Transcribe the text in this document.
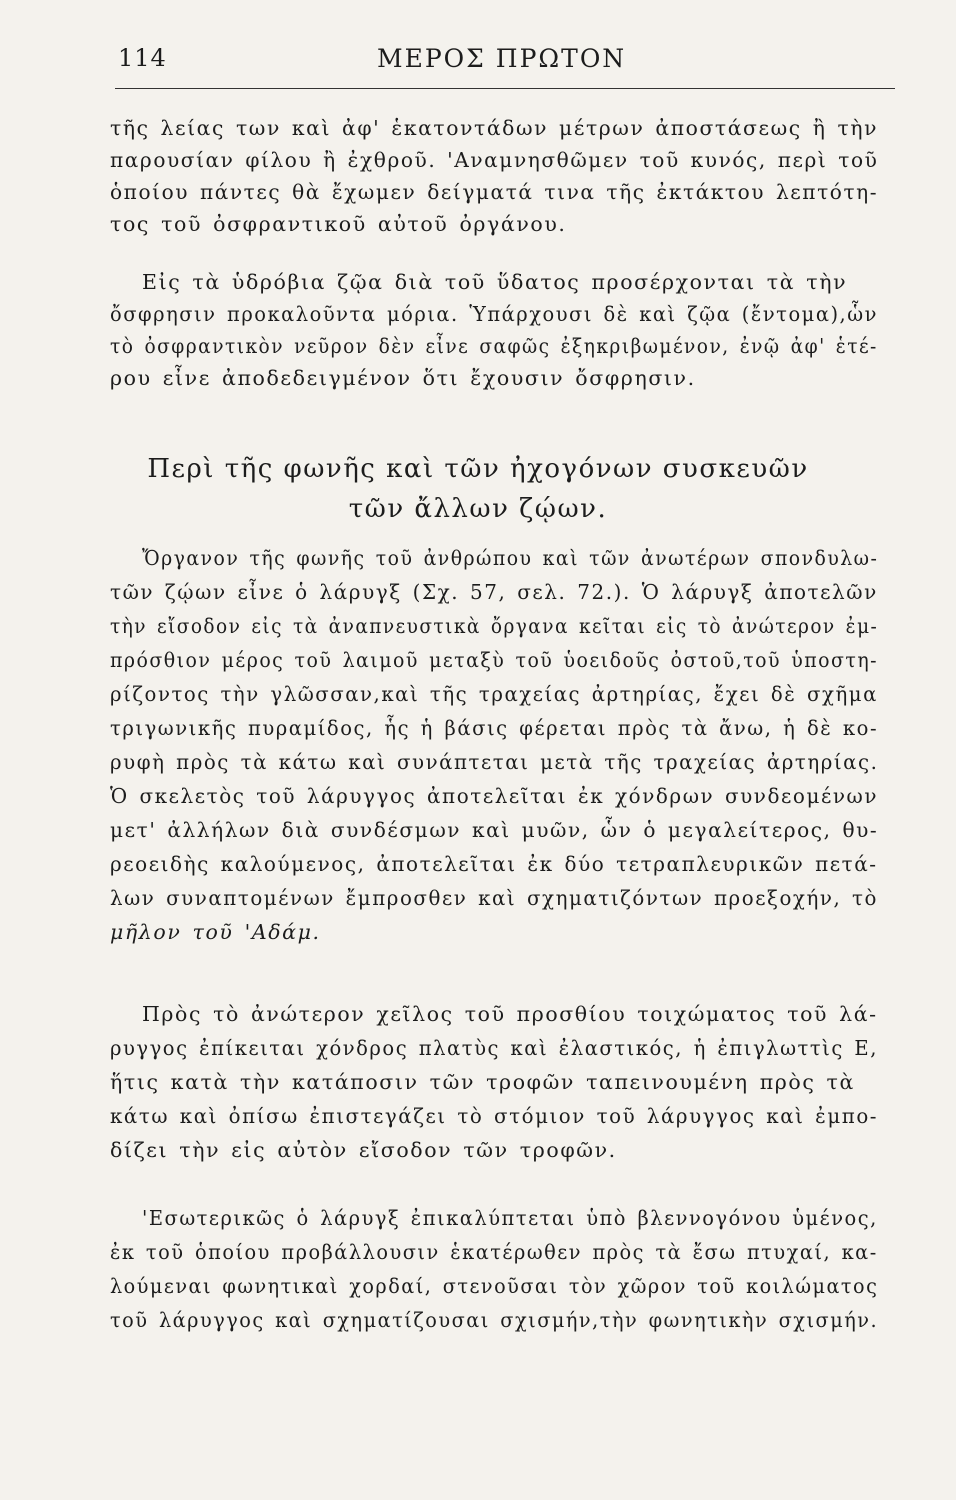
114	ΜΕΡΟΣ ΠΡΩΤΟΝ
τῆς λείας των καὶ ἀφ' ἑκατοντάδων μέτρων ἀποστάσεως ἢ τὴν
παρουσίαν φίλου ἢ ἐχθροῦ. 'Αναμνησθῶμεν τοῦ κυνός, περὶ τοῦ
ὁποίου πάντες θὰ ἔχωμεν δείγματά τινα τῆς ἐκτάκτου λεπτότη-
τος τοῦ ὀσφραντικοῦ αὐτοῦ ὀργάνου.
Εἰς τὰ ὑδρόβια ζῷα διὰ τοῦ ὕδατος προσέρχονται τὰ τὴν
ὄσφρησιν προκαλοῦντα μόρια. Ὑπάρχουσι δὲ καὶ ζῷα (ἔντομα),ὧν
τὸ ὀσφραντικὸν νεῦρον δὲν εἶνε σαφῶς ἐξηκριβωμένον, ἐνῷ ἀφ' ἑτέ-
ρου εἶνε ἀποδεδειγμένον ὅτι ἔχουσιν ὄσφρησιν.
Περὶ τῆς φωνῆς καὶ τῶν ἠχογόνων συσκευῶν
τῶν ἄλλων ζῴων.
Ὄργανον τῆς φωνῆς τοῦ ἀνθρώπου καὶ τῶν ἀνωτέρων σπονδυλω-
τῶν ζῴων εἶνε ὁ λάρυγξ (Σχ. 57, σελ. 72.). Ὁ λάρυγξ ἀποτελῶν
τὴν εἴσοδον εἰς τὰ ἀναπνευστικὰ ὄργανα κεῖται εἰς τὸ ἀνώτερον ἐμ-
πρόσθιον μέρος τοῦ λαιμοῦ μεταξὺ τοῦ ὑοειδοῦς ὀστοῦ,τοῦ ὑποστη-
ρίζοντος τὴν γλῶσσαν,καὶ τῆς τραχείας ἀρτηρίας, ἔχει δὲ σχῆμα
τριγωνικῆς πυραμίδος, ἧς ἡ βάσις φέρεται πρὸς τὰ ἄνω, ἡ δὲ κο-
ρυφὴ πρὸς τὰ κάτω καὶ συνάπτεται μετὰ τῆς τραχείας ἀρτηρίας.
Ὁ σκελετὸς τοῦ λάρυγγος ἀποτελεῖται ἐκ χόνδρων συνδεομένων
μετ' ἀλλήλων διὰ συνδέσμων καὶ μυῶν, ὧν ὁ μεγαλείτερος, θυ-
ρεοειδὴς καλούμενος, ἀποτελεῖται ἐκ δύο τετραπλευρικῶν πετά-
λων συναπτομένων ἔμπροσθεν καὶ σχηματιζόντων προεξοχήν, τὸ
μῆλον τοῦ 'Αδάμ.
Πρὸς τὸ ἀνώτερον χεῖλος τοῦ προσθίου τοιχώματος τοῦ λά-
ρυγγος ἐπίκειται χόνδρος πλατὺς καὶ ἐλαστικός, ἡ ἐπιγλωττὶς Ε,
ἥτις κατὰ τὴν κατάποσιν τῶν τροφῶν ταπεινουμένη πρὸς τὰ
κάτω καὶ ὀπίσω ἐπιστεγάζει τὸ στόμιον τοῦ λάρυγγος καὶ ἐμπο-
δίζει τὴν εἰς αὐτὸν εἴσοδον τῶν τροφῶν.
'Εσωτερικῶς ὁ λάρυγξ ἐπικαλύπτεται ὑπὸ βλεννογόνου ὑμένος,
ἐκ τοῦ ὁποίου προβάλλουσιν ἑκατέρωθεν πρὸς τὰ ἔσω πτυχαί, κα-
λούμεναι φωνητικαὶ χορδαί, στενοῦσαι τὸν χῶρον τοῦ κοιλώματος
τοῦ λάρυγγος καὶ σχηματίζουσαι σχισμήν,τὴν φωνητικὴν σχισμήν.
